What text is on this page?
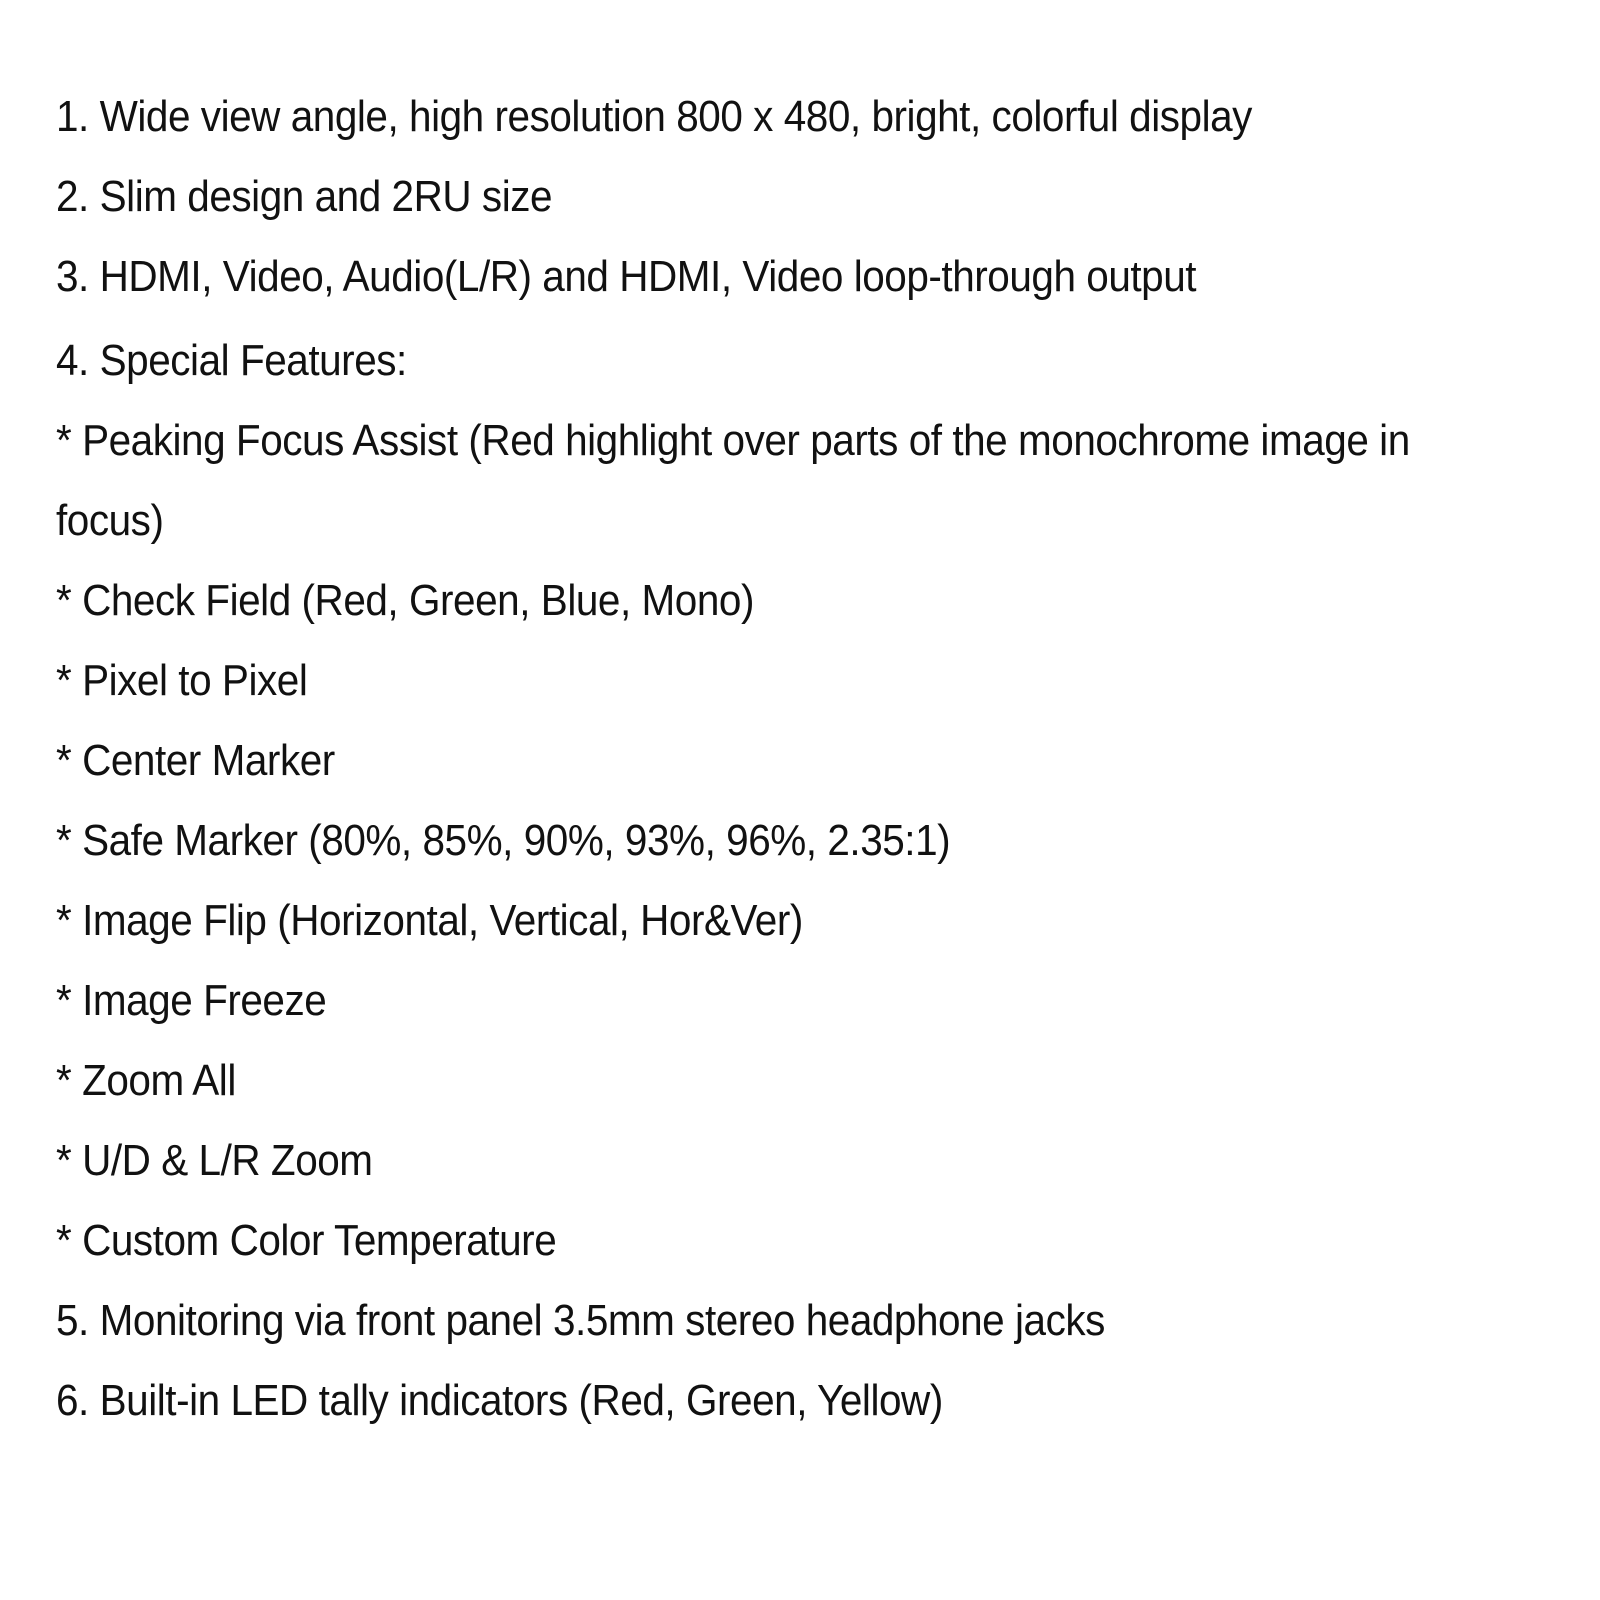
1. Wide view angle, high resolution 800 x 480, bright, colorful display
2. Slim design and 2RU size
3. HDMI, Video, Audio(L/R) and HDMI, Video loop-through output
4. Special Features:
* Peaking Focus Assist (Red highlight over parts of the monochrome image in
focus)
* Check Field (Red, Green, Blue, Mono)
* Pixel to Pixel
* Center Marker
* Safe Marker (80%, 85%, 90%, 93%, 96%, 2.35:1)
* Image Flip (Horizontal, Vertical, Hor&Ver)
* Image Freeze
* Zoom All
* U/D & L/R Zoom
* Custom Color Temperature
5. Monitoring via front panel 3.5mm stereo headphone jacks
6. Built-in LED tally indicators (Red, Green, Yellow)
